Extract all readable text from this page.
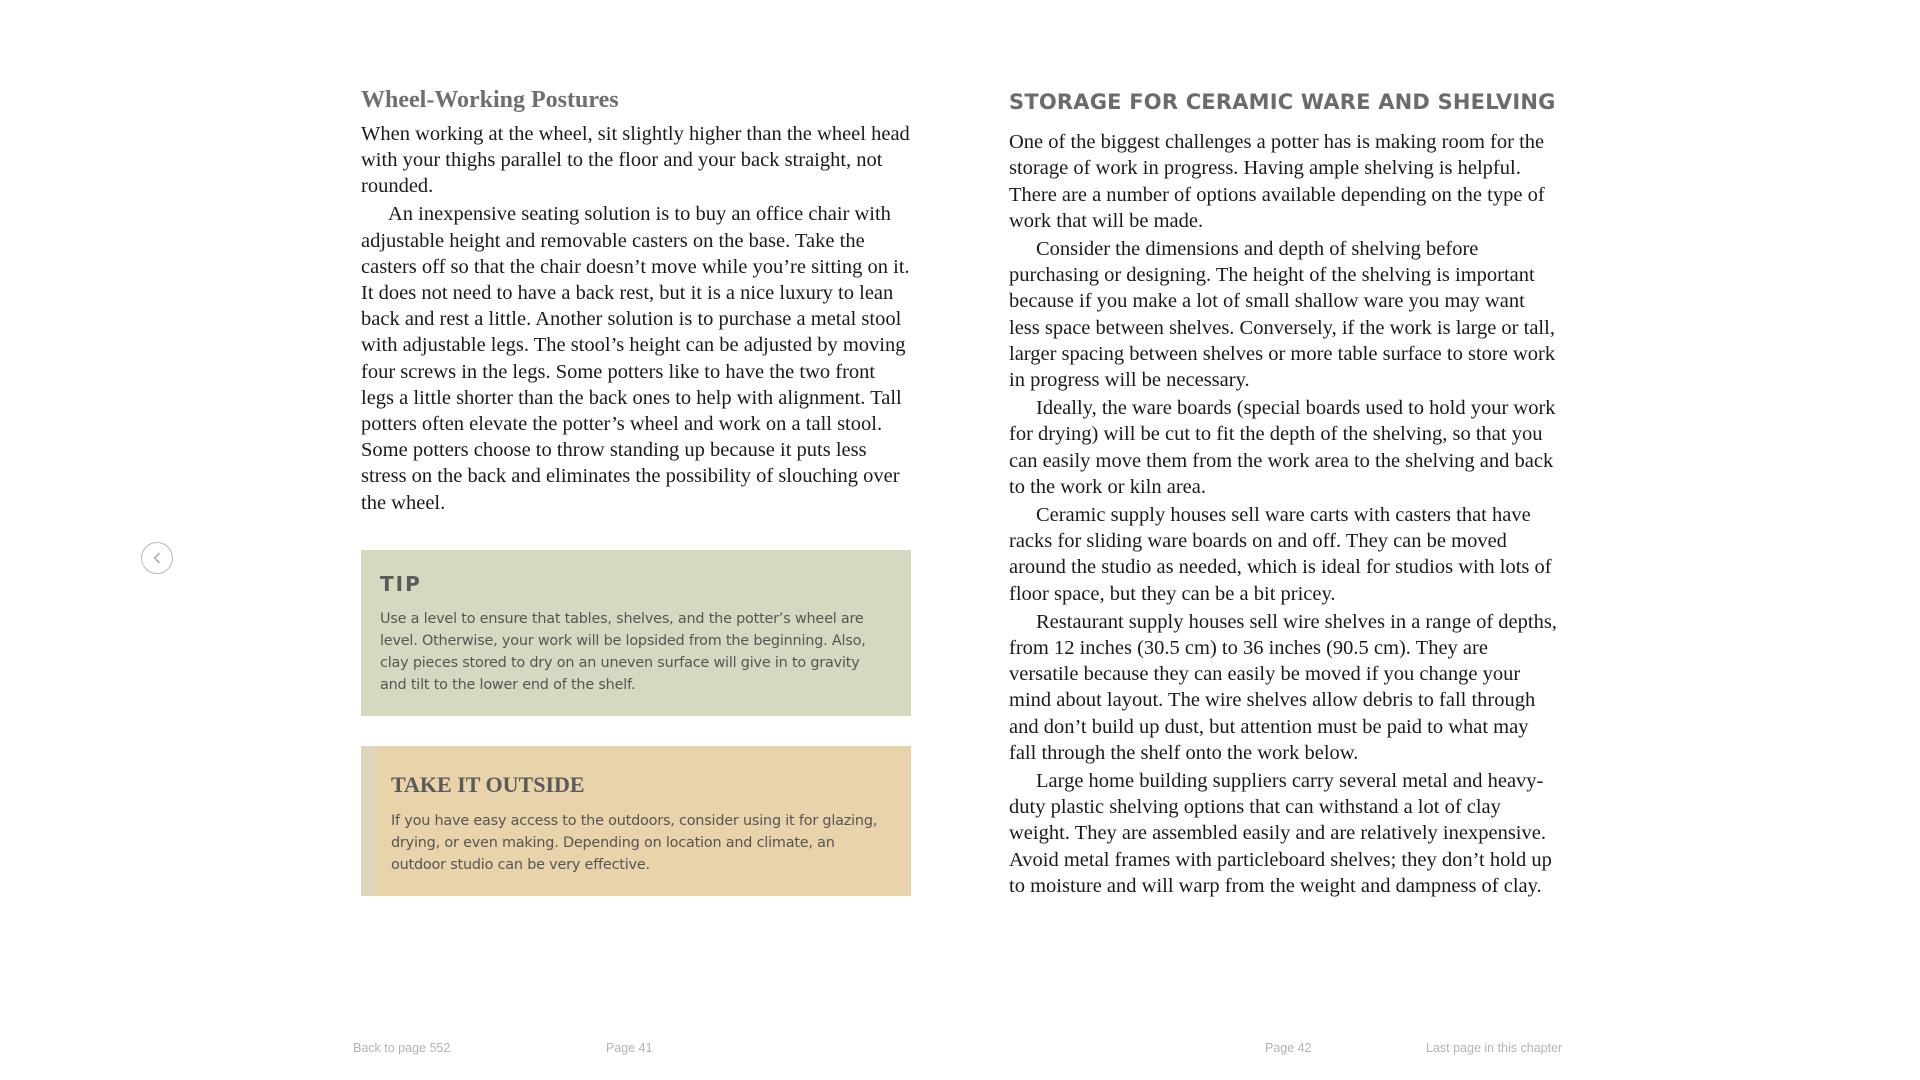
Wheel-Working Postures

When working at the wheel, sit slightly higher than the wheel head with your thighs parallel to the floor and your back straight, not rounded.

An inexpensive seating solution is to buy an office chair with adjustable height and removable casters on the base. Take the casters off so that the chair doesn’t move while you’re sitting on it. It does not need to have a back rest, but it is a nice luxury to lean back and rest a little. Another solution is to purchase a metal stool with adjustable legs. The stool’s height can be adjusted by moving four screws in the legs. Some potters like to have the two front legs a little shorter than the back ones to help with alignment. Tall potters often elevate the potter’s wheel and work on a tall stool. Some potters choose to throw standing up because it puts less stress on the back and eliminates the possibility of slouching over the wheel.

TIP

Use a level to ensure that tables, shelves, and the potter’s wheel are level. Otherwise, your work will be lopsided from the beginning. Also, clay pieces stored to dry on an uneven surface will give in to gravity and tilt to the lower end of the shelf.

TAKE IT OUTSIDE

If you have easy access to the outdoors, consider using it for glazing, drying, or even making. Depending on location and climate, an outdoor studio can be very effective.

STORAGE FOR CERAMIC WARE AND SHELVING

One of the biggest challenges a potter has is making room for the storage of work in progress. Having ample shelving is helpful. There are a number of options available depending on the type of work that will be made.

Consider the dimensions and depth of shelving before purchasing or designing. The height of the shelving is important because if you make a lot of small shallow ware you may want less space between shelves. Conversely, if the work is large or tall, larger spacing between shelves or more table surface to store work in progress will be necessary.

Ideally, the ware boards (special boards used to hold your work for drying) will be cut to fit the depth of the shelving, so that you can easily move them from the work area to the shelving and back to the work or kiln area.

Ceramic supply houses sell ware carts with casters that have racks for sliding ware boards on and off. They can be moved around the studio as needed, which is ideal for studios with lots of floor space, but they can be a bit pricey.

Restaurant supply houses sell wire shelves in a range of depths, from 12 inches (30.5 cm) to 36 inches (90.5 cm). They are versatile because they can easily be moved if you change your mind about layout. The wire shelves allow debris to fall through and don’t build up dust, but attention must be paid to what may fall through the shelf onto the work below.

Large home building suppliers carry several metal and heavy-duty plastic shelving options that can withstand a lot of clay weight. They are assembled easily and are relatively inexpensive. Avoid metal frames with particleboard shelves; they don’t hold up to moisture and will warp from the weight and dampness of clay.

Back to page 552	Page 41	Page 42	Last page in this chapter
